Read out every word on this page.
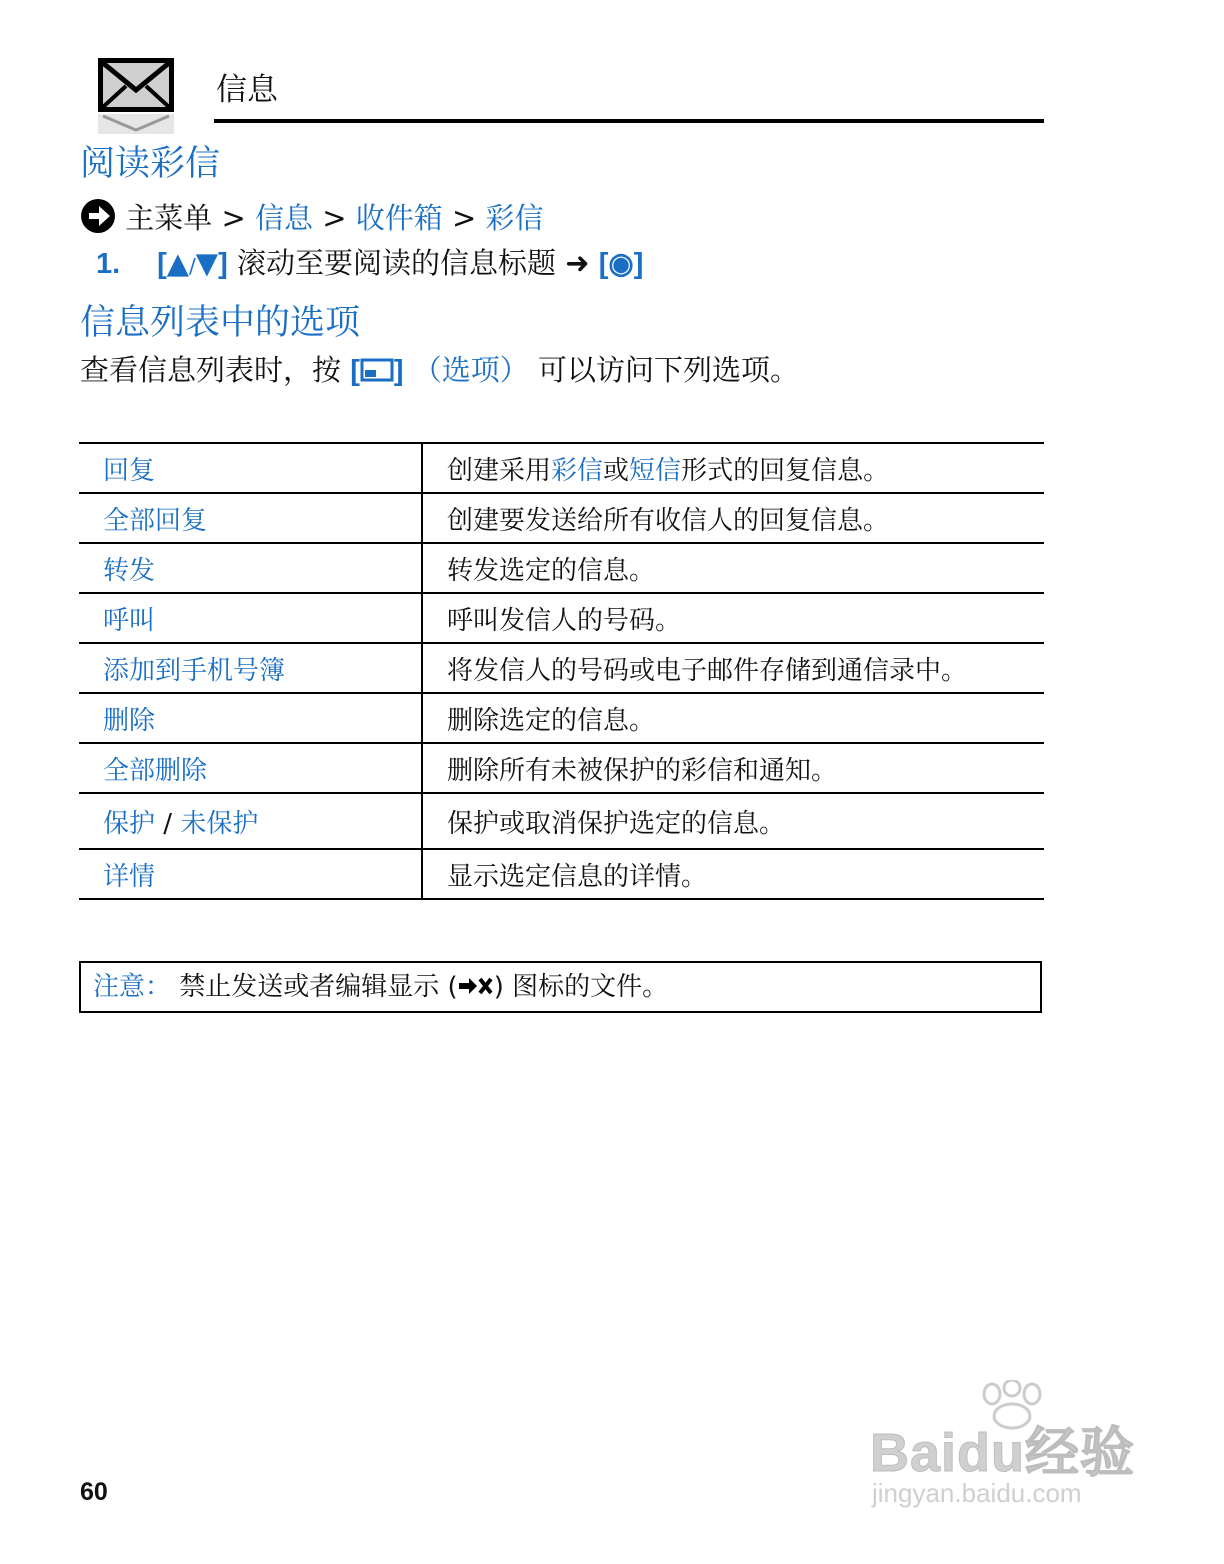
信息
阅读彩信
主菜单 > 信息 > 收件箱 > 彩信
1. [▲/▼] 滚动至要阅读的信息标题 ➜ [◉]
信息列表中的选项
查看信息列表时，按 [ ] （选项） 可以访问下列选项。
回复	创建采用彩信或短信形式的回复信息。
全部回复	创建要发送给所有收信人的回复信息。
转发	转发选定的信息。
呼叫	呼叫发信人的号码。
添加到手机号簿	将发信人的号码或电子邮件存储到通信录中。
删除	删除选定的信息。
全部删除	删除所有未被保护的彩信和通知。
保护 / 未保护	保护或取消保护选定的信息。
详情	显示选定信息的详情。
注意： 禁止发送或者编辑显示 ( ) 图标的文件。
60
Baidu经验
jingyan.baidu.com
